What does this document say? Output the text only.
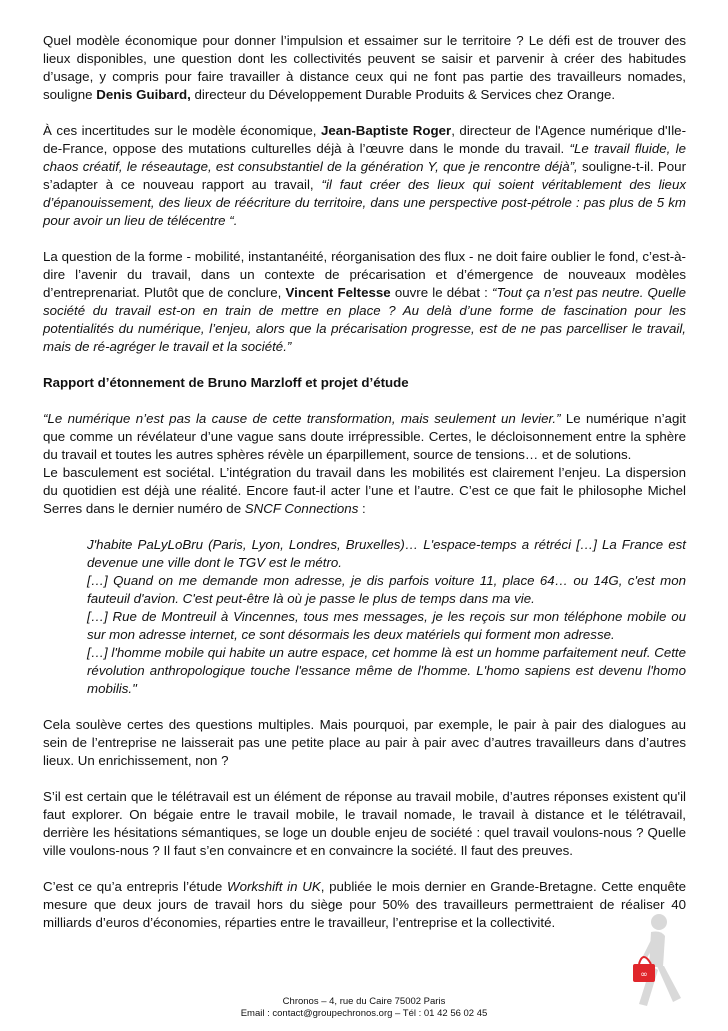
Quel modèle économique pour donner l’impulsion et essaimer sur le territoire ? Le défi est de trouver des lieux disponibles, une question dont les collectivités peuvent se saisir et parvenir à créer des habitudes d’usage, y compris pour faire travailler à distance ceux qui ne font pas partie des travailleurs nomades, souligne Denis Guibard, directeur du Développement Durable Produits & Services chez Orange.

À ces incertitudes sur le modèle économique, Jean-Baptiste Roger, directeur de l'Agence numérique d'Ile-de-France, oppose des mutations culturelles déjà à l’œuvre dans le monde du travail. “Le travail fluide, le chaos créatif, le réseautage, est consubstantiel de la génération Y, que je rencontre déjà”, souligne-t-il. Pour s’adapter à ce nouveau rapport au travail, “il faut créer des lieux qui soient véritablement des lieux d’épanouissement, des lieux de réécriture du territoire, dans une perspective post-pétrole : pas plus de 5 km pour avoir un lieu de télécentre “.

La question de la forme - mobilité, instantanéité, réorganisation des flux - ne doit faire oublier le fond, c’est-à-dire l’avenir du travail, dans un contexte de précarisation et d’émergence de nouveaux modèles d’entreprenariat. Plutôt que de conclure, Vincent Feltesse ouvre le débat : “Tout ça n’est pas neutre. Quelle société du travail est-on en train de mettre en place ? Au delà d’une forme de fascination pour les potentialités du numérique, l’enjeu, alors que la précarisation progresse, est de ne pas parcelliser le travail, mais de ré-agréger le travail et la société.”

Rapport d’étonnement de Bruno Marzloff et projet d’étude

“Le numérique n’est pas la cause de cette transformation, mais seulement un levier.” Le numérique n’agit que comme un révélateur d’une vague sans doute irrépressible. Certes, le décloisonnement entre la sphère du travail et toutes les autres sphères révèle un éparpillement, source de tensions… et de solutions.

Le basculement est sociétal. L’intégration du travail dans les mobilités est clairement l’enjeu. La dispersion du quotidien est déjà une réalité. Encore faut-il acter l’une et l’autre. C’est ce que fait le philosophe Michel Serres dans le dernier numéro de SNCF Connections :

J'habite PaLyLoBru (Paris, Lyon, Londres, Bruxelles)… L'espace-temps a rétréci […] La France est devenue une ville dont le TGV est le métro.

[…] Quand on me demande mon adresse, je dis parfois voiture 11, place 64… ou 14G, c'est mon fauteuil d'avion. C'est peut-être là où je passe le plus de temps dans ma vie.

[…] Rue de Montreuil à Vincennes, tous mes messages, je les reçois sur mon téléphone mobile ou sur mon adresse internet, ce sont désormais les deux matériels qui forment mon adresse.

[…] l'homme mobile qui habite un autre espace, cet homme là est un homme parfaitement neuf. Cette révolution anthropologique touche l'essance même de l'homme. L'homo sapiens est devenu l'homo mobilis."

Cela soulève certes des questions multiples. Mais pourquoi, par exemple, le pair à pair des dialogues au sein de l’entreprise ne laisserait pas une petite place au pair à pair avec d’autres travailleurs dans d’autres lieux. Un enrichissement, non ?

S’il est certain que le télétravail est un élément de réponse au travail mobile, d’autres réponses existent qu'il faut explorer. On bégaie entre le travail mobile, le travail nomade, le travail à distance et le télétravail, derrière les hésitations sémantiques, se loge un double enjeu de société : quel travail voulons-nous ? Quelle ville voulons-nous ? Il faut s’en convaincre et en convaincre la société. Il faut des preuves.

C’est ce qu’a entrepris l’étude Workshift in UK, publiée le mois dernier en Grande-Bretagne. Cette enquête mesure que deux jours de travail hors du siège pour 50% des travailleurs permettraient de réaliser 40 milliards d’euros d’économies, réparties entre le travailleur, l’entreprise et la collectivité.

∞
Chronos – 4, rue du Caire 75002 Paris
Email : contact@groupechronos.org – Tél : 01 42 56 02 45
